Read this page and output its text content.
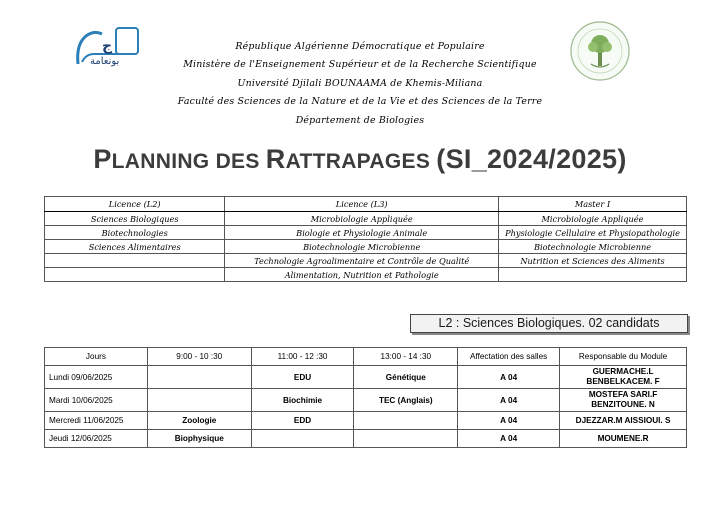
ج
ﺑﻮﻧﻌﺎﻣﺔ
République Algérienne Démocratique et Populaire
Ministère de l'Enseignement Supérieur et de la Recherche Scientifique
Université Djilali BOUNAAMA de Khemis-Miliana
Faculté des Sciences de la Nature et de la Vie et des Sciences de la Terre
Département de Biologies
PLANNING DES RATTRAPAGES (SI_2024/2025)
Licence (L2)	Licence (L3)	Master I
Sciences Biologiques	Microbiologie Appliquée	Microbiologie Appliquée
Biotechnologies	Biologie et Physiologie Animale	Physiologie Cellulaire et Physiopathologie
Sciences Alimentaires	Biotechnologie Microbienne	Biotechnologie Microbienne
	Technologie Agroalimentaire et Contrôle de Qualité	Nutrition et Sciences des Aliments
	Alimentation, Nutrition et Pathologie	
L2 : Sciences Biologiques. 02 candidats
Jours	9:00 - 10 :30	11:00 - 12 :30	13:00 - 14 :30	Affectation des salles	Responsable du Module
Lundi 09/06/2025		EDU	Génétique	A 04	GUERMACHE.L
BENBELKACEM. F

Mardi 10/06/2025		Biochimie	TEC (Anglais)	A 04	MOSTEFA SARI.F
BENZITOUNE. N

Mercredi 11/06/2025	Zoologie	EDD		A 04	DJEZZAR.M AISSIOUI. S
Jeudi 12/06/2025	Biophysique			A 04	MOUMENE.R
